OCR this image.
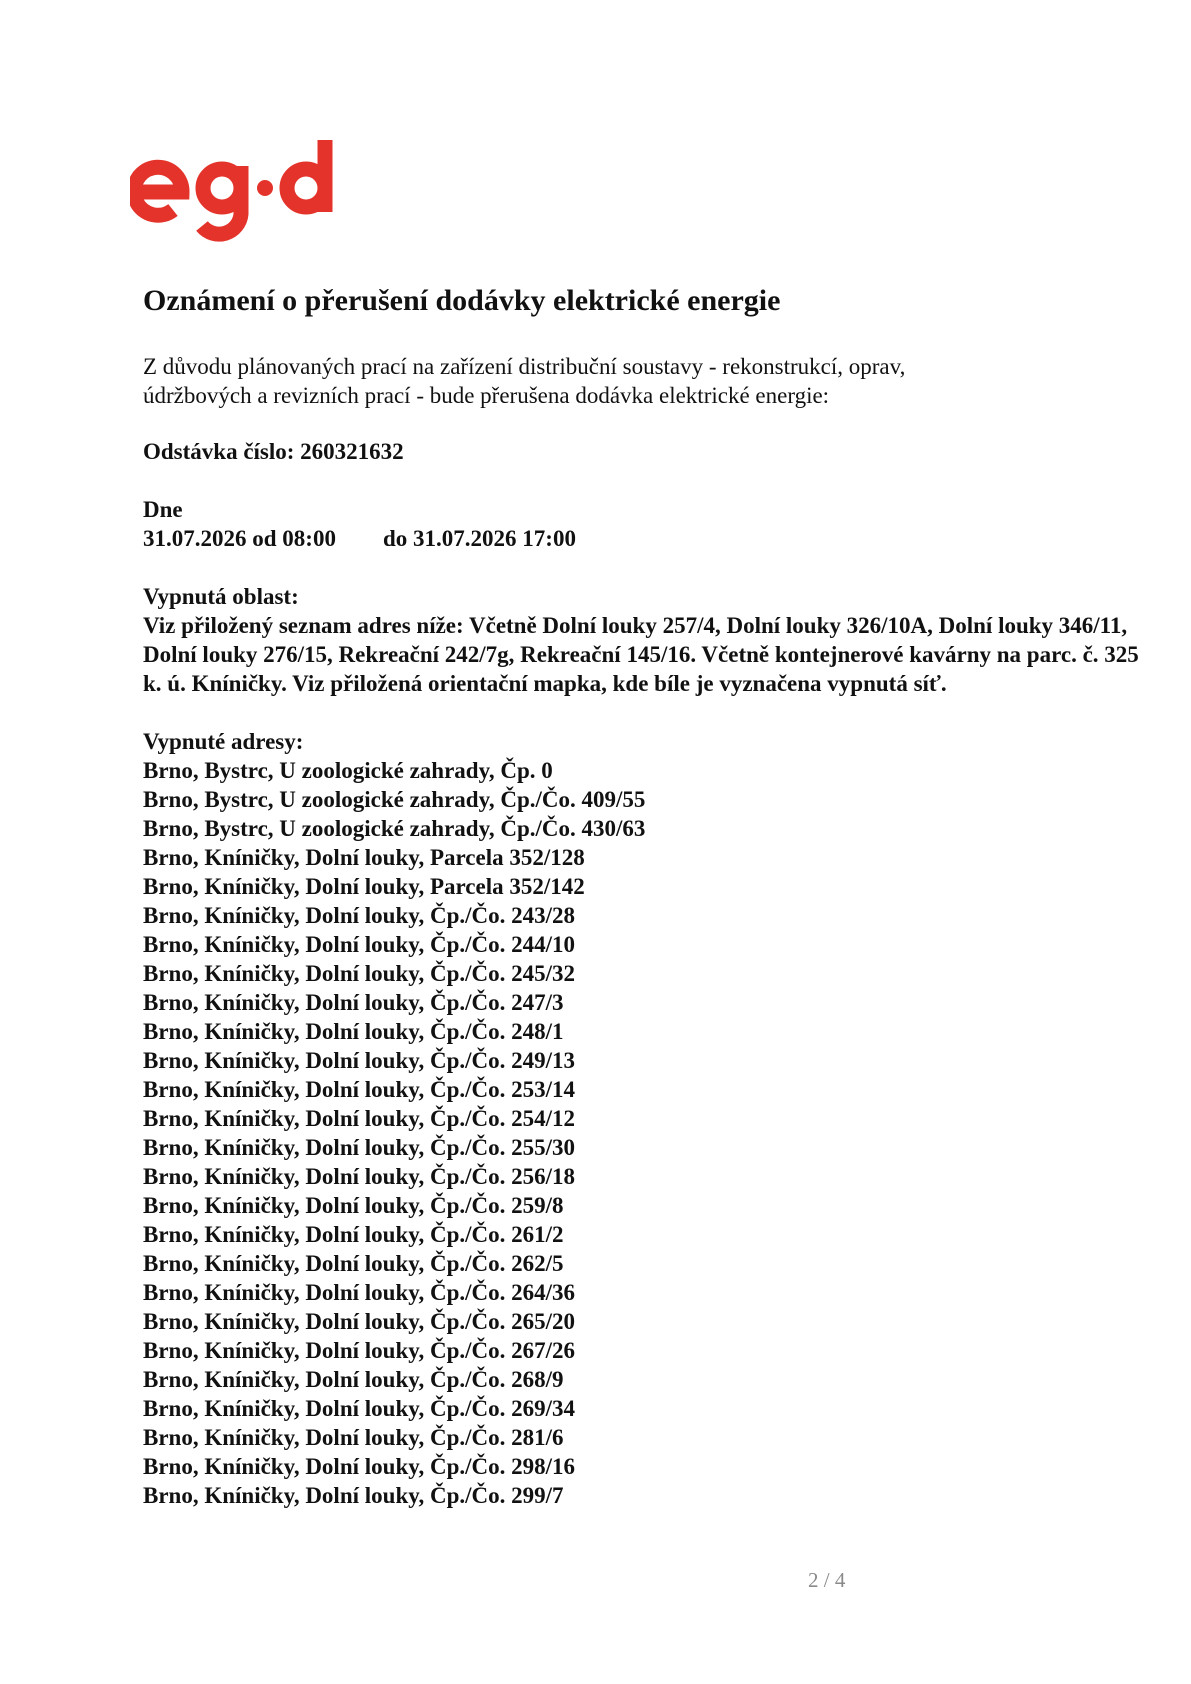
Oznámení o přerušení dodávky elektrické energie
Z důvodu plánovaných prací na zařízení distribuční soustavy - rekonstrukcí, oprav,
údržbových a revizních prací - bude přerušena dodávka elektrické energie:
Odstávka číslo: 260321632
Dne
31.07.2026 od 08:00	do 31.07.2026 17:00
Vypnutá oblast:
Viz přiložený seznam adres níže: Včetně Dolní louky 257/4, Dolní louky 326/10A, Dolní louky 346/11, Dolní louky 276/15, Rekreační 242/7g, Rekreační 145/16. Včetně kontejnerové kavárny na parc. č. 325 k. ú. Kníničky. Viz přiložená orientační mapka, kde bíle je vyznačena vypnutá síť.
Vypnuté adresy:
Brno, Bystrc, U zoologické zahrady, Čp. 0
Brno, Bystrc, U zoologické zahrady, Čp./Čo. 409/55
Brno, Bystrc, U zoologické zahrady, Čp./Čo. 430/63
Brno, Kníničky, Dolní louky, Parcela 352/128
Brno, Kníničky, Dolní louky, Parcela 352/142
Brno, Kníničky, Dolní louky, Čp./Čo. 243/28
Brno, Kníničky, Dolní louky, Čp./Čo. 244/10
Brno, Kníničky, Dolní louky, Čp./Čo. 245/32
Brno, Kníničky, Dolní louky, Čp./Čo. 247/3
Brno, Kníničky, Dolní louky, Čp./Čo. 248/1
Brno, Kníničky, Dolní louky, Čp./Čo. 249/13
Brno, Kníničky, Dolní louky, Čp./Čo. 253/14
Brno, Kníničky, Dolní louky, Čp./Čo. 254/12
Brno, Kníničky, Dolní louky, Čp./Čo. 255/30
Brno, Kníničky, Dolní louky, Čp./Čo. 256/18
Brno, Kníničky, Dolní louky, Čp./Čo. 259/8
Brno, Kníničky, Dolní louky, Čp./Čo. 261/2
Brno, Kníničky, Dolní louky, Čp./Čo. 262/5
Brno, Kníničky, Dolní louky, Čp./Čo. 264/36
Brno, Kníničky, Dolní louky, Čp./Čo. 265/20
Brno, Kníničky, Dolní louky, Čp./Čo. 267/26
Brno, Kníničky, Dolní louky, Čp./Čo. 268/9
Brno, Kníničky, Dolní louky, Čp./Čo. 269/34
Brno, Kníničky, Dolní louky, Čp./Čo. 281/6
Brno, Kníničky, Dolní louky, Čp./Čo. 298/16
Brno, Kníničky, Dolní louky, Čp./Čo. 299/7
2 / 4
